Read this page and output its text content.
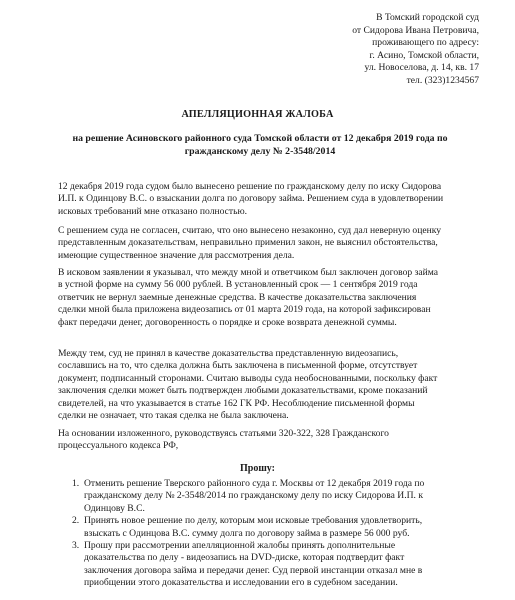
В Томский городской суд
от Сидорова Ивана Петровича,
проживающего по адресу:
г. Асино, Томской области,
ул. Новоселова, д. 14, кв. 17
тел. (323)1234567
АПЕЛЛЯЦИОННАЯ ЖАЛОБА
на решение Асиновского районного суда Томской области от 12 декабря 2019 года по гражданскому делу № 2-3548/2014
12 декабря 2019 года судом было вынесено решение по гражданскому делу по иску Сидорова
И.П. к Одинцову В.С. о взыскании долга по договору займа. Решением суда в удовлетворении
исковых требований мне отказано полностью.
С решением суда не согласен, считаю, что оно вынесено незаконно, суд дал неверную оценку
представленным доказательствам, неправильно применил закон, не выяснил обстоятельства,
имеющие существенное значение для рассмотрения дела.
В исковом заявлении я указывал, что между мной и ответчиком был заключен договор займа
в устной форме на сумму 56 000 рублей. В установленный срок — 1 сентября 2019 года
ответчик не вернул заемные денежные средства. В качестве доказательства заключения
сделки мной была приложена видеозапись от 01 марта 2019 года, на которой зафиксирован
факт передачи денег, договоренность о порядке и сроке возврата денежной суммы.
Между тем, суд не принял в качестве доказательства представленную видеозапись,
сославшись на то, что сделка должна быть заключена в письменной форме, отсутствует
документ, подписанный сторонами. Считаю выводы суда необоснованными, поскольку факт
заключения сделки может быть подтвержден любыми доказательствами, кроме показаний
свидетелей, на что указывается в статье 162 ГК РФ. Несоблюдение письменной формы
сделки не означает, что такая сделка не была заключена.
На основании изложенного, руководствуясь статьями 320-322, 328 Гражданского
процессуального кодекса РФ,
Прошу:
1. Отменить решение Тверского районного суда г. Москвы от 12 декабря 2019 года по
гражданскому делу № 2-3548/2014 по гражданскому делу по иску Сидорова И.П. к
Одинцову В.С.
2. Принять новое решение по делу, которым мои исковые требования удовлетворить,
взыскать с Одинцова В.С. сумму долга по договору займа в размере 56 000 руб.
3. Прошу при рассмотрении апелляционной жалобы принять дополнительные
доказательства по делу - видеозапись на DVD-диске, которая подтвердит факт
заключения договора займа и передачи денег. Суд первой инстанции отказал мне в
приобщении этого доказательства и исследовании его в судебном заседании.
